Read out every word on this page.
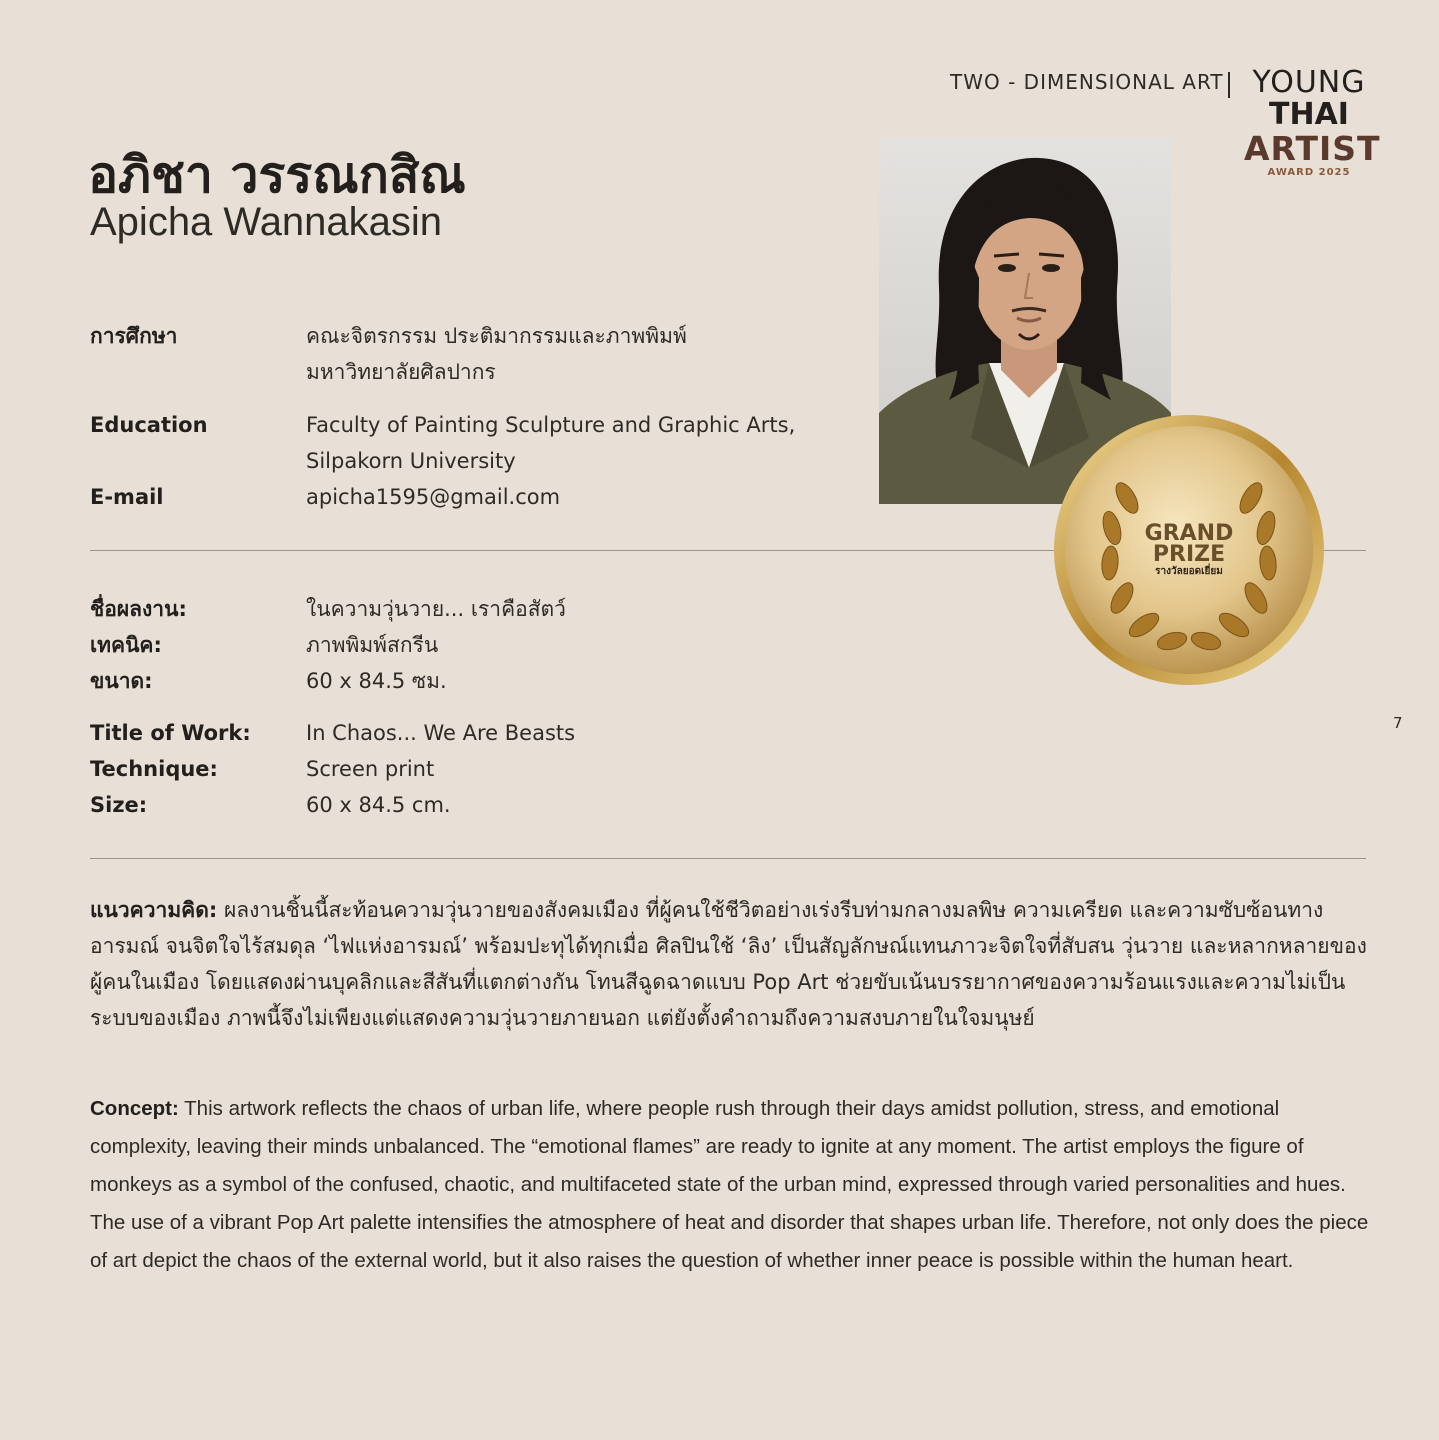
TWO - DIMENSIONAL ART YOUNG
THAI
ARTIST
AWARD 2025
อภิชา วรรณกสิณ
Apicha Wannakasin
การศึกษา	คณะจิตรกรรม ประติมากรรมและภาพพิมพ์
มหาวิทยาลัยศิลปากร
Education	Faculty of Painting Sculpture and Graphic Arts,
Silpakorn University
E-mail	apicha1595@gmail.com
ชื่อผลงาน:	ในความวุ่นวาย... เราคือสัตว์
เทคนิค:	ภาพพิมพ์สกรีน
ขนาด:	60 x 84.5 ซม.
Title of Work:	In Chaos... We Are Beasts
Technique:	Screen print
Size:	60 x 84.5 cm.
GRAND
PRIZE
รางวัลยอดเยี่ยม
7
แนวความคิด: ผลงานชิ้นนี้สะท้อนความวุ่นวายของสังคมเมือง ที่ผู้คนใช้ชีวิตอย่างเร่งรีบท่ามกลางมลพิษ ความเครียด และความซับซ้อนทางอารมณ์ จนจิตใจไร้สมดุล ‘ไฟแห่งอารมณ์’ พร้อมปะทุได้ทุกเมื่อ ศิลปินใช้ ‘ลิง’ เป็นสัญลักษณ์แทนภาวะจิตใจที่สับสน วุ่นวาย และหลากหลายของผู้คนในเมือง โดยแสดงผ่านบุคลิกและสีสันที่แตกต่างกัน โทนสีฉูดฉาดแบบ Pop Art ช่วยขับเน้นบรรยากาศของความร้อนแรงและความไม่เป็นระบบของเมือง ภาพนี้จึงไม่เพียงแต่แสดงความวุ่นวายภายนอก แต่ยังตั้งคำถามถึงความสงบภายในใจมนุษย์
Concept: This artwork reflects the chaos of urban life, where people rush through their days amidst pollution, stress, and emotional complexity, leaving their minds unbalanced. The “emotional flames” are ready to ignite at any moment. The artist employs the figure of monkeys as a symbol of the confused, chaotic, and multifaceted state of the urban mind, expressed through varied personalities and hues. The use of a vibrant Pop Art palette intensifies the atmosphere of heat and disorder that shapes urban life. Therefore, not only does the piece of art depict the chaos of the external world, but it also raises the question of whether inner peace is possible within the human heart.
